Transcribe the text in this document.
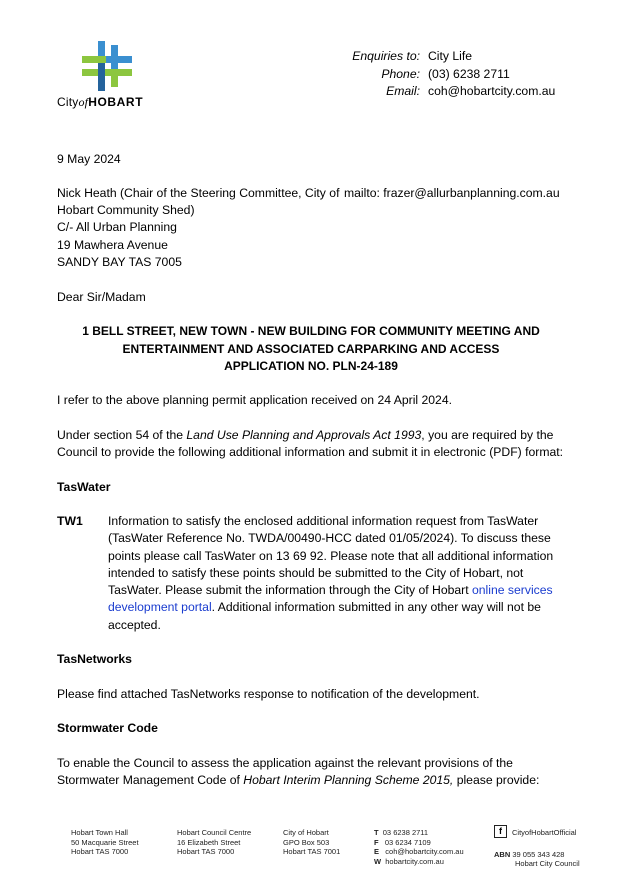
CityofHOBART
Enquiries to: City Life
Phone: (03) 6238 2711
Email: coh@hobartcity.com.au
9 May 2024
Nick Heath (Chair of the Steering Committee, City of mailto: frazer@allurbanplanning.com.au
Hobart Community Shed)
C/- All Urban Planning
19 Mawhera Avenue
SANDY BAY TAS 7005
Dear Sir/Madam
1 BELL STREET, NEW TOWN - NEW BUILDING FOR COMMUNITY MEETING AND
ENTERTAINMENT AND ASSOCIATED CARPARKING AND ACCESS
APPLICATION NO. PLN-24-189
I refer to the above planning permit application received on 24 April 2024.
Under section 54 of the Land Use Planning and Approvals Act 1993, you are required by the
Council to provide the following additional information and submit it in electronic (PDF) format:
TasWater
TW1 Information to satisfy the enclosed additional information request from TasWater
(TasWater Reference No. TWDA/00490-HCC dated 01/05/2024). To discuss these
points please call TasWater on 13 69 92. Please note that all additional information
intended to satisfy these points should be submitted to the City of Hobart, not
TasWater. Please submit the information through the City of Hobart online services
development portal. Additional information submitted in any other way will not be
accepted.
TasNetworks
Please find attached TasNetworks response to notification of the development.
Stormwater Code
To enable the Council to assess the application against the relevant provisions of the
Stormwater Management Code of Hobart Interim Planning Scheme 2015, please provide:
Hobart Town Hall
50 Macquarie Street
Hobart TAS 7000
Hobart Council Centre
16 Elizabeth Street
Hobart TAS 7000
City of Hobart
GPO Box 503
Hobart TAS 7001
T 03 6238 2711
F 03 6234 7109
E coh@hobartcity.com.au
W hobartcity.com.au
f	CityofHobartOfficial
ABN 39 055 343 428
Hobart City Council
